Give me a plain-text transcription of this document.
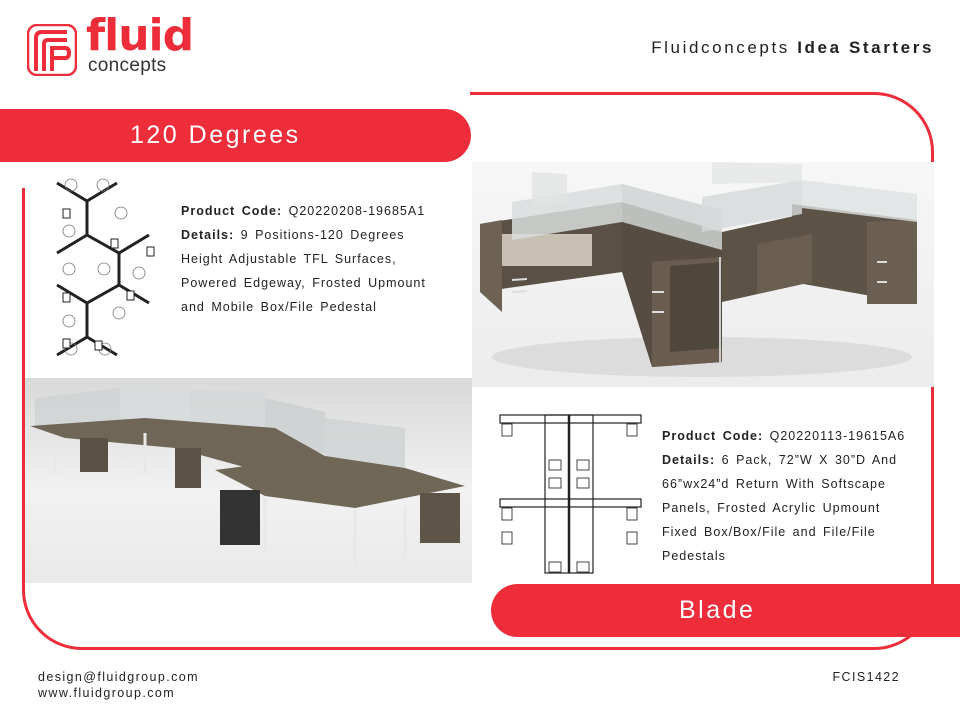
fluid
concepts
Fluidconcepts Idea Starters
120 Degrees
Blade
Product Code: Q20220208-19685A1
Details: 9 Positions-120 Degrees Height Adjustable TFL Surfaces, Powered Edgeway, Frosted Upmount and Mobile Box/File Pedestal
Product Code: Q20220113-19615A6
Details: 6 Pack, 72”W X 30”D And 66”wx24”d Return With Softscape Panels, Frosted Acrylic Upmount Fixed Box/Box/File and File/File Pedestals
design@fluidgroup.com
www.fluidgroup.com
FCIS1422
